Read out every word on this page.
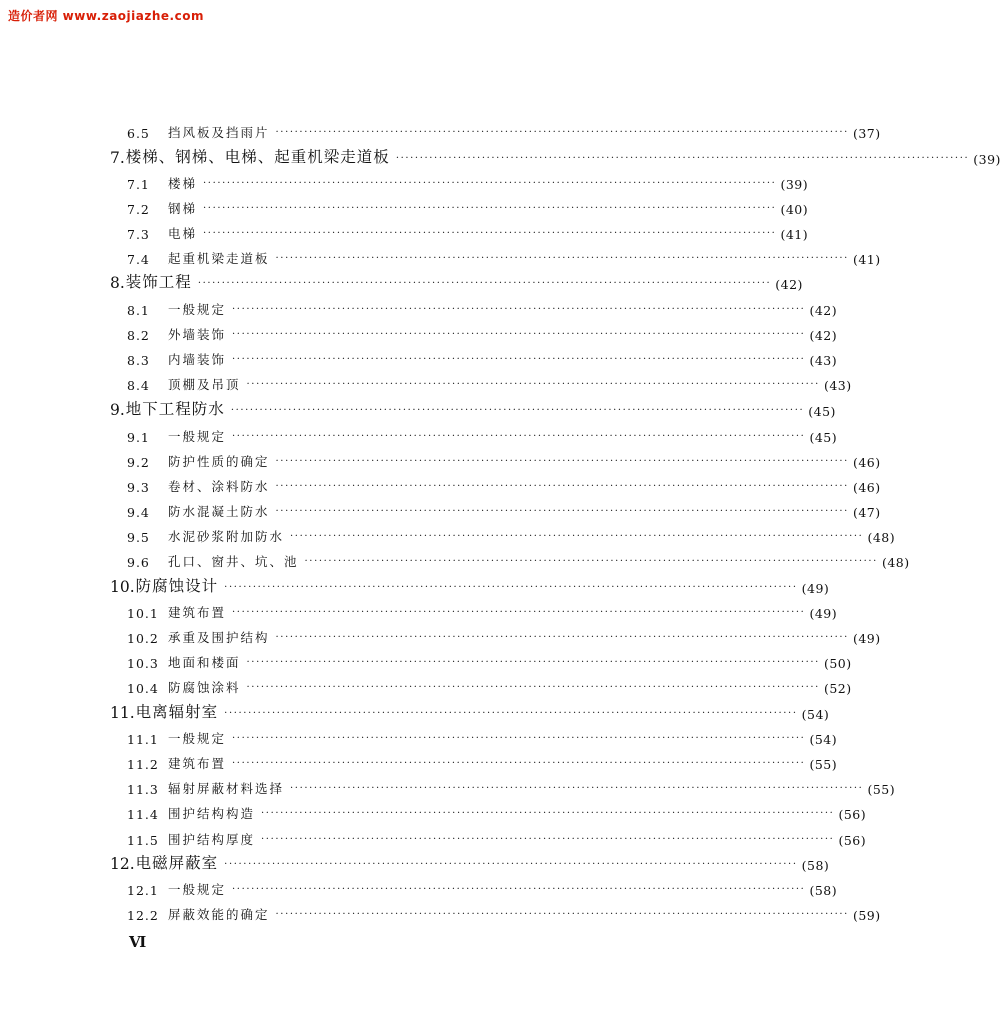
造价者网 www.zaojiazhe.com
6.5	挡风板及挡雨片 ························································································································ (37)
7. 楼梯、钢梯、电梯、起重机梁走道板 ························································································································ (39)
7.1	楼梯 ························································································································ (39)
7.2	钢梯 ························································································································ (40)
7.3	电梯 ························································································································ (41)
7.4	起重机梁走道板 ························································································································ (41)
8. 装饰工程 ························································································································ (42)
8.1	一般规定 ························································································································ (42)
8.2	外墙装饰 ························································································································ (42)
8.3	内墙装饰 ························································································································ (43)
8.4	顶棚及吊顶 ························································································································ (43)
9. 地下工程防水 ························································································································ (45)
9.1	一般规定 ························································································································ (45)
9.2	防护性质的确定 ························································································································ (46)
9.3	卷材、涂料防水 ························································································································ (46)
9.4	防水混凝土防水 ························································································································ (47)
9.5	水泥砂浆附加防水 ························································································································ (48)
9.6	孔口、窗井、坑、池 ························································································································ (48)
10. 防腐蚀设计 ························································································································ (49)
10.1 建筑布置 ························································································································ (49)
10.2 承重及围护结构 ························································································································ (49)
10.3 地面和楼面 ························································································································ (50)
10.4 防腐蚀涂料 ························································································································ (52)
11. 电离辐射室 ························································································································ (54)
11.1 一般规定 ························································································································ (54)
11.2 建筑布置 ························································································································ (55)
11.3 辐射屏蔽材料选择 ························································································································ (55)
11.4 围护结构构造 ························································································································ (56)
11.5 围护结构厚度 ························································································································ (56)
12. 电磁屏蔽室 ························································································································ (58)
12.1 一般规定 ························································································································ (58)
12.2 屏蔽效能的确定 ························································································································ (59)
Ⅵ
